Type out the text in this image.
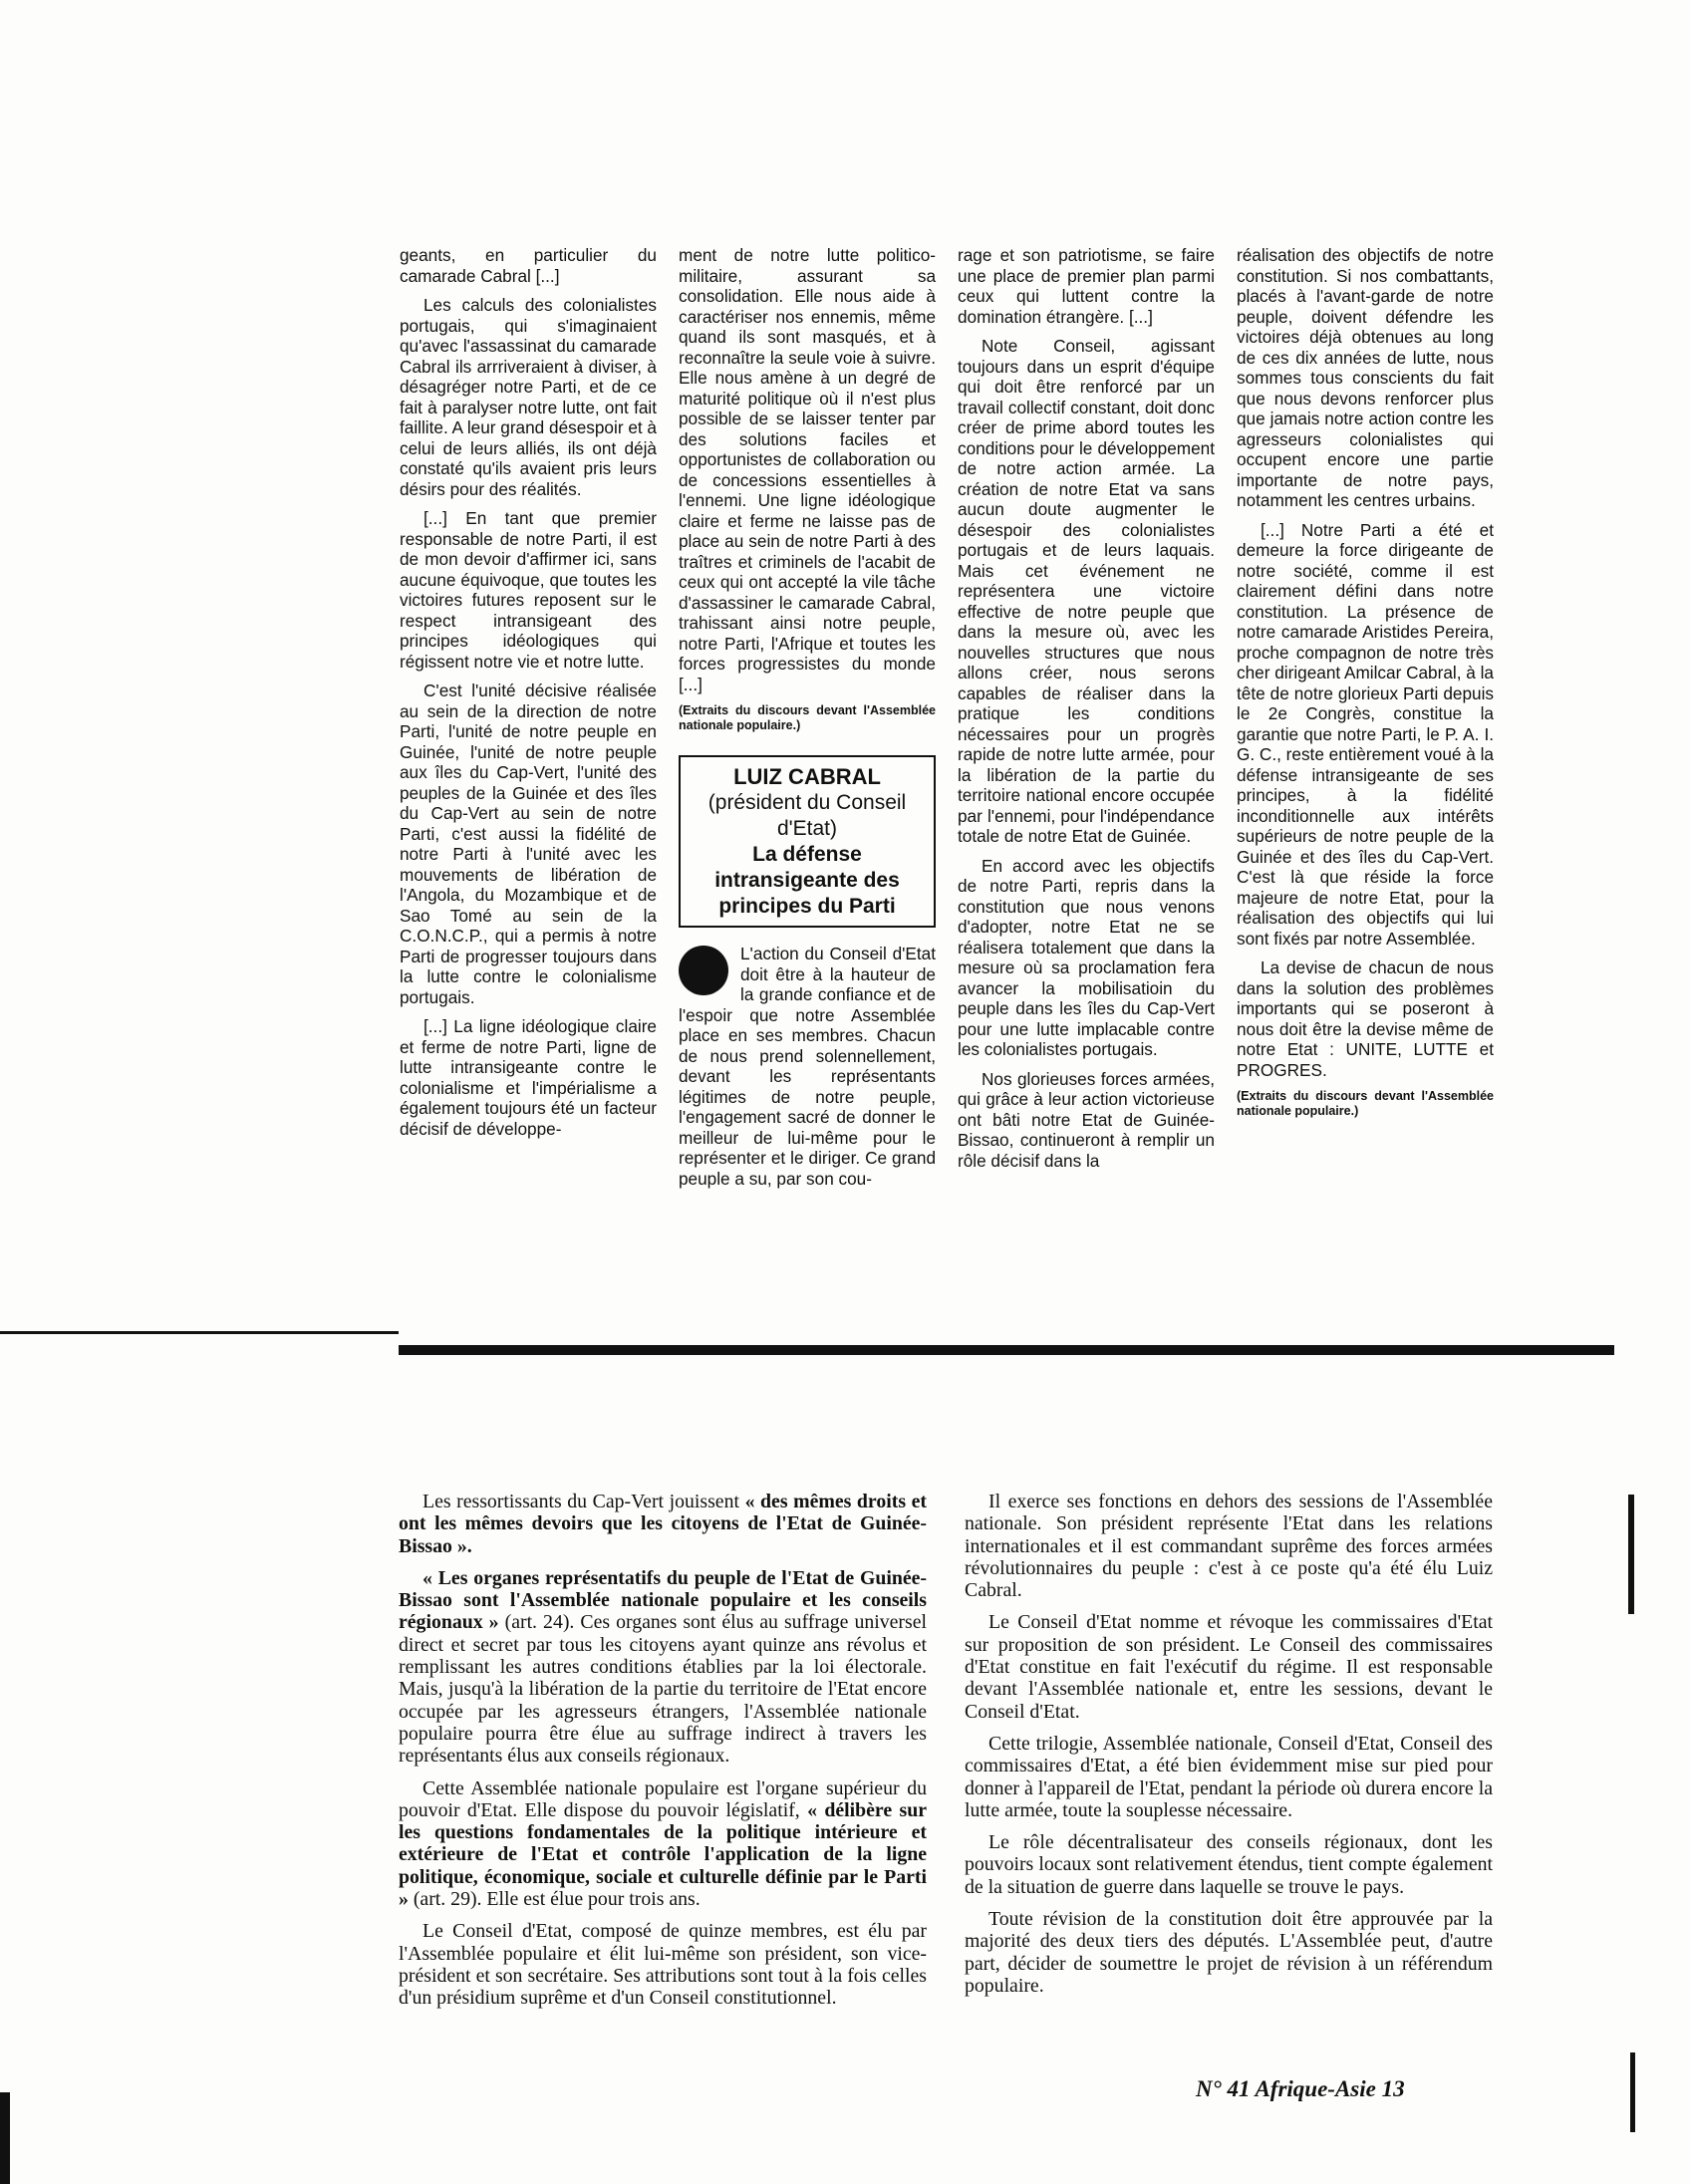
geants, en particulier du camarade Cabral [...]

Les calculs des colonialistes portugais, qui s'imaginaient qu'avec l'assassinat du camarade Cabral ils arrriveraient à diviser, à désagréger notre Parti, et de ce fait à paralyser notre lutte, ont fait faillite. A leur grand désespoir et à celui de leurs alliés, ils ont déjà constaté qu'ils avaient pris leurs désirs pour des réalités.

[...] En tant que premier responsable de notre Parti, il est de mon devoir d'affirmer ici, sans aucune équivoque, que toutes les victoires futures reposent sur le respect intransigeant des principes idéologiques qui régissent notre vie et notre lutte.

C'est l'unité décisive réalisée au sein de la direction de notre Parti, l'unité de notre peuple en Guinée, l'unité de notre peuple aux îles du Cap-Vert, l'unité des peuples de la Guinée et des îles du Cap-Vert au sein de notre Parti, c'est aussi la fidélité de notre Parti à l'unité avec les mouvements de libération de l'Angola, du Mozambique et de Sao Tomé au sein de la C.O.N.C.P., qui a permis à notre Parti de progresser toujours dans la lutte contre le colonialisme portugais.

[...] La ligne idéologique claire et ferme de notre Parti, ligne de lutte intransigeante contre le colonialisme et l'impérialisme a également toujours été un facteur décisif de développe-

ment de notre lutte politico-militaire, assurant sa consolidation. Elle nous aide à caractériser nos ennemis, même quand ils sont masqués, et à reconnaître la seule voie à suivre. Elle nous amène à un degré de maturité politique où il n'est plus possible de se laisser tenter par des solutions faciles et opportunistes de collaboration ou de concessions essentielles à l'ennemi. Une ligne idéologique claire et ferme ne laisse pas de place au sein de notre Parti à des traîtres et criminels de l'acabit de ceux qui ont accepté la vile tâche d'assassiner le camarade Cabral, trahissant ainsi notre peuple, notre Parti, l'Afrique et toutes les forces progressistes du monde [...]

(Extraits du discours devant l'Assemblée nationale populaire.)

LUIZ CABRAL
(président du Conseil d'Etat)
La défense intransigeante des principes du Parti

L'action du Conseil d'Etat doit être à la hauteur de la grande confiance et de l'espoir que notre Assemblée place en ses membres. Chacun de nous prend solennellement, devant les représentants légitimes de notre peuple, l'engagement sacré de donner le meilleur de lui-même pour le représenter et le diriger. Ce grand peuple a su, par son cou-

rage et son patriotisme, se faire une place de premier plan parmi ceux qui luttent contre la domination étrangère. [...]

Note Conseil, agissant toujours dans un esprit d'équipe qui doit être renforcé par un travail collectif constant, doit donc créer de prime abord toutes les conditions pour le développement de notre action armée. La création de notre Etat va sans aucun doute augmenter le désespoir des colonialistes portugais et de leurs laquais. Mais cet événement ne représentera une victoire effective de notre peuple que dans la mesure où, avec les nouvelles structures que nous allons créer, nous serons capables de réaliser dans la pratique les conditions nécessaires pour un progrès rapide de notre lutte armée, pour la libération de la partie du territoire national encore occupée par l'ennemi, pour l'indépendance totale de notre Etat de Guinée.

En accord avec les objectifs de notre Parti, repris dans la constitution que nous venons d'adopter, notre Etat ne se réalisera totalement que dans la mesure où sa proclamation fera avancer la mobilisatioin du peuple dans les îles du Cap-Vert pour une lutte implacable contre les colonialistes portugais.

Nos glorieuses forces armées, qui grâce à leur action victorieuse ont bâti notre Etat de Guinée-Bissao, continueront à remplir un rôle décisif dans la

réalisation des objectifs de notre constitution. Si nos combattants, placés à l'avant-garde de notre peuple, doivent défendre les victoires déjà obtenues au long de ces dix années de lutte, nous sommes tous conscients du fait que nous devons renforcer plus que jamais notre action contre les agresseurs colonialistes qui occupent encore une partie importante de notre pays, notamment les centres urbains.

[...] Notre Parti a été et demeure la force dirigeante de notre société, comme il est clairement défini dans notre constitution. La présence de notre camarade Aristides Pereira, proche compagnon de notre très cher dirigeant Amilcar Cabral, à la tête de notre glorieux Parti depuis le 2e Congrès, constitue la garantie que notre Parti, le P. A. I. G. C., reste entièrement voué à la défense intransigeante de ses principes, à la fidélité inconditionnelle aux intérêts supérieurs de notre peuple de la Guinée et des îles du Cap-Vert. C'est là que réside la force majeure de notre Etat, pour la réalisation des objectifs qui lui sont fixés par notre Assemblée.

La devise de chacun de nous dans la solution des problèmes importants qui se poseront à nous doit être la devise même de notre Etat : UNITE, LUTTE et PROGRES.

(Extraits du discours devant l'Assemblée nationale populaire.)

Les ressortissants du Cap-Vert jouissent « des mêmes droits et ont les mêmes devoirs que les citoyens de l'Etat de Guinée-Bissao ».

« Les organes représentatifs du peuple de l'Etat de Guinée-Bissao sont l'Assemblée nationale populaire et les conseils régionaux » (art. 24). Ces organes sont élus au suffrage universel direct et secret par tous les citoyens ayant quinze ans révolus et remplissant les autres conditions établies par la loi électorale. Mais, jusqu'à la libération de la partie du territoire de l'Etat encore occupée par les agresseurs étrangers, l'Assemblée nationale populaire pourra être élue au suffrage indirect à travers les représentants élus aux conseils régionaux.

Cette Assemblée nationale populaire est l'organe supérieur du pouvoir d'Etat. Elle dispose du pouvoir législatif, « délibère sur les questions fondamentales de la politique intérieure et extérieure de l'Etat et contrôle l'application de la ligne politique, économique, sociale et culturelle définie par le Parti » (art. 29). Elle est élue pour trois ans.

Le Conseil d'Etat, composé de quinze membres, est élu par l'Assemblée populaire et élit lui-même son président, son vice-président et son secrétaire. Ses attributions sont tout à la fois celles d'un présidium suprême et d'un Conseil constitutionnel.

Il exerce ses fonctions en dehors des sessions de l'Assemblée nationale. Son président représente l'Etat dans les relations internationales et il est commandant suprême des forces armées révolutionnaires du peuple : c'est à ce poste qu'a été élu Luiz Cabral.

Le Conseil d'Etat nomme et révoque les commissaires d'Etat sur proposition de son président. Le Conseil des commissaires d'Etat constitue en fait l'exécutif du régime. Il est responsable devant l'Assemblée nationale et, entre les sessions, devant le Conseil d'Etat.

Cette trilogie, Assemblée nationale, Conseil d'Etat, Conseil des commissaires d'Etat, a été bien évidemment mise sur pied pour donner à l'appareil de l'Etat, pendant la période où durera encore la lutte armée, toute la souplesse nécessaire.

Le rôle décentralisateur des conseils régionaux, dont les pouvoirs locaux sont relativement étendus, tient compte également de la situation de guerre dans laquelle se trouve le pays.

Toute révision de la constitution doit être approuvée par la majorité des deux tiers des députés. L'Assemblée peut, d'autre part, décider de soumettre le projet de révision à un référendum populaire.

N° 41 Afrique-Asie 13
